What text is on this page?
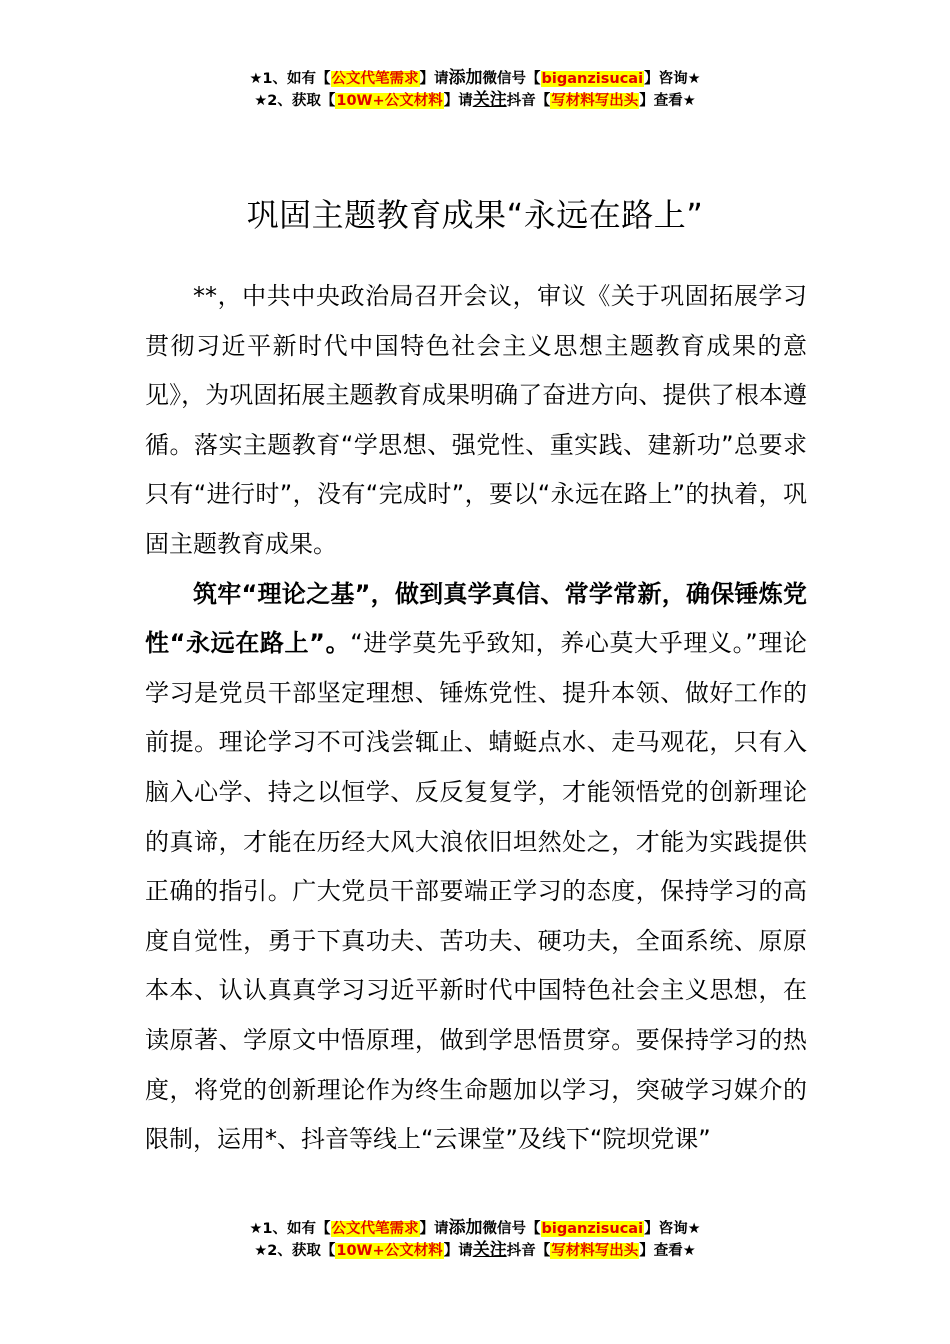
★1、如有【公文代笔需求】请添加微信号【biganzisucai】咨询★
★2、获取【10W+公文材料】请关注抖音【写材料写出头】查看★
巩固主题教育成果“永远在路上”

**，中共中央政治局召开会议，审议《关于巩固拓展学习贯彻习近平新时代中国特色社会主义思想主题教育成果的意见》，为巩固拓展主题教育成果明确了奋进方向、提供了根本遵循。落实主题教育“学思想、强党性、重实践、建新功”总要求只有“进行时”，没有“完成时”，要以“永远在路上”的执着，巩固主题教育成果。

筑牢“理论之基”，做到真学真信、常学常新，确保锤炼党性“永远在路上”。“进学莫先乎致知，养心莫大乎理义。”理论学习是党员干部坚定理想、锤炼党性、提升本领、做好工作的前提。理论学习不可浅尝辄止、蜻蜓点水、走马观花，只有入脑入心学、持之以恒学、反反复复学，才能领悟党的创新理论的真谛，才能在历经大风大浪依旧坦然处之，才能为实践提供正确的指引。广大党员干部要端正学习的态度，保持学习的高度自觉性，勇于下真功夫、苦功夫、硬功夫，全面系统、原原本本、认认真真学习习近平新时代中国特色社会主义思想，在读原著、学原文中悟原理，做到学思悟贯穿。要保持学习的热度，将党的创新理论作为终生命题加以学习，突破学习媒介的限制，运用*、抖音等线上“云课堂”及线下“院坝党课”

★1、如有【公文代笔需求】请添加微信号【biganzisucai】咨询★
★2、获取【10W+公文材料】请关注抖音【写材料写出头】查看★
